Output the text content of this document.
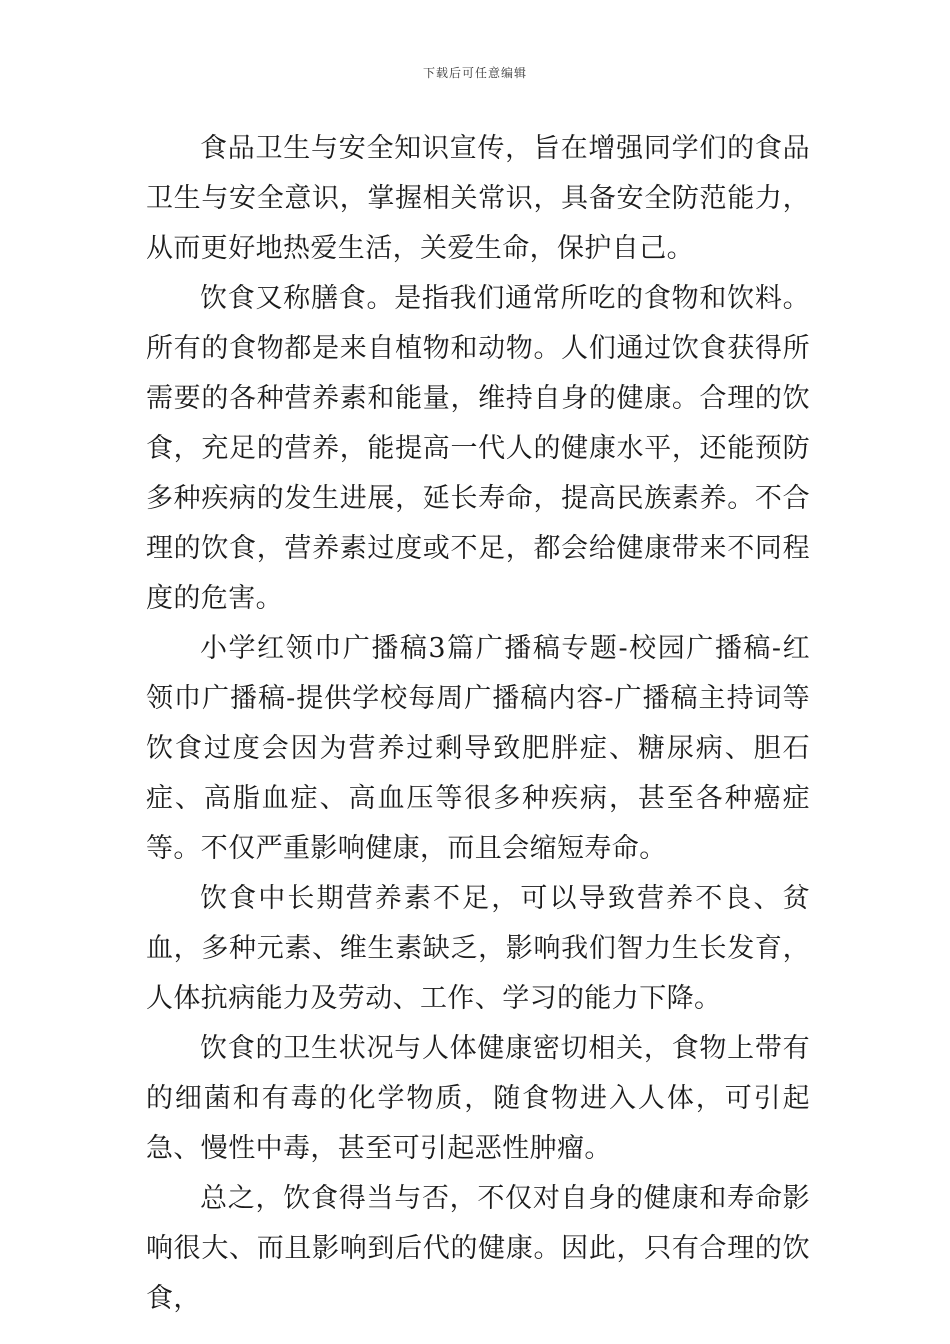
下载后可任意编辑

食品卫生与安全知识宣传，旨在增强同学们的食品卫生与安全意识，掌握相关常识，具备安全防范能力，从而更好地热爱生活，关爱生命，保护自己。

饮食又称膳食。是指我们通常所吃的食物和饮料。所有的食物都是来自植物和动物。人们通过饮食获得所需要的各种营养素和能量，维持自身的健康。合理的饮食，充足的营养，能提高一代人的健康水平，还能预防多种疾病的发生进展，延长寿命，提高民族素养。不合理的饮食，营养素过度或不足，都会给健康带来不同程度的危害。

小学红领巾广播稿3篇广播稿专题-校园广播稿-红领巾广播稿-提供学校每周广播稿内容-广播稿主持词等饮食过度会因为营养过剩导致肥胖症、糖尿病、胆石症、高脂血症、高血压等很多种疾病，甚至各种癌症等。不仅严重影响健康，而且会缩短寿命。

饮食中长期营养素不足，可以导致营养不良、贫血，多种元素、维生素缺乏，影响我们智力生长发育，人体抗病能力及劳动、工作、学习的能力下降。

饮食的卫生状况与人体健康密切相关，食物上带有的细菌和有毒的化学物质，随食物进入人体，可引起急、慢性中毒，甚至可引起恶性肿瘤。

总之，饮食得当与否，不仅对自身的健康和寿命影响很大、而且影响到后代的健康。因此，只有合理的饮食，
